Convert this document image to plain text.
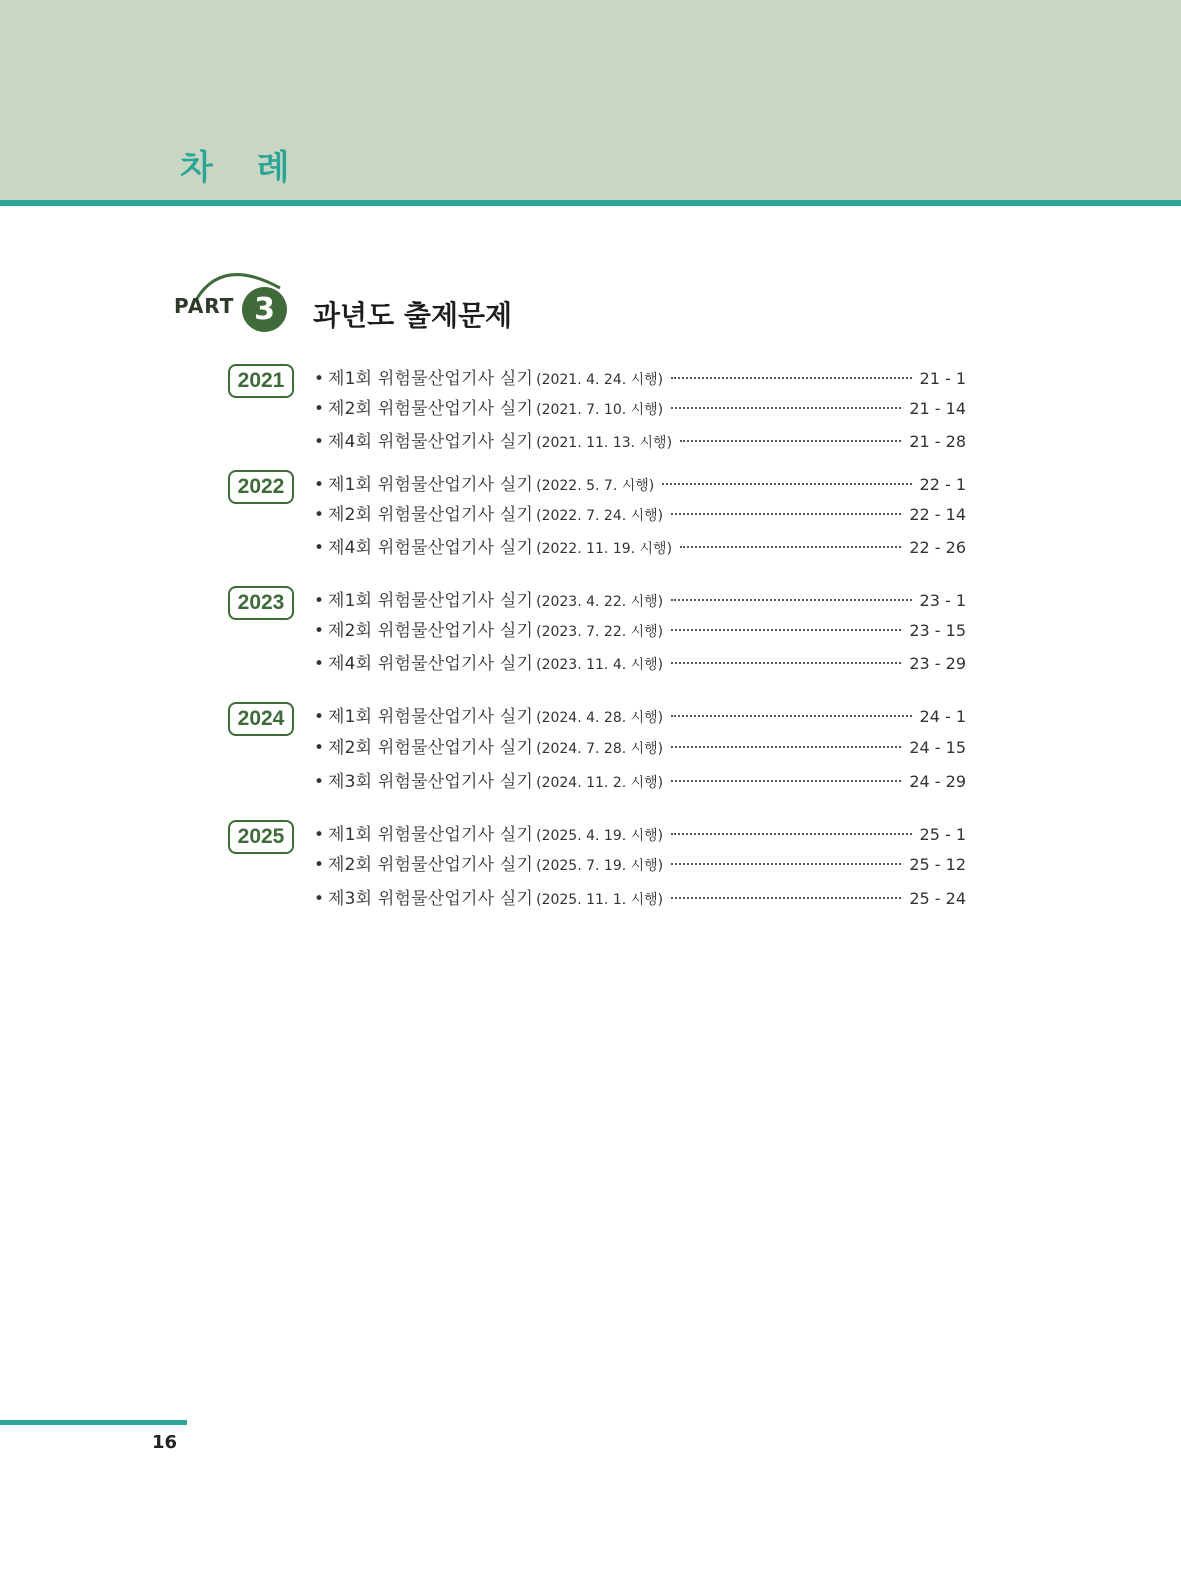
차 례
PART 3	과년도 출제문제
2021	• 제1회 위험물산업기사 실기 (2021. 4. 24. 시행)	21 - 1
• 제2회 위험물산업기사 실기 (2021. 7. 10. 시행)	21 - 14
• 제4회 위험물산업기사 실기 (2021. 11. 13. 시행)	21 - 28
2022	• 제1회 위험물산업기사 실기 (2022. 5. 7. 시행)	22 - 1
• 제2회 위험물산업기사 실기 (2022. 7. 24. 시행)	22 - 14
• 제4회 위험물산업기사 실기 (2022. 11. 19. 시행)	22 - 26
2023	• 제1회 위험물산업기사 실기 (2023. 4. 22. 시행)	23 - 1
• 제2회 위험물산업기사 실기 (2023. 7. 22. 시행)	23 - 15
• 제4회 위험물산업기사 실기 (2023. 11. 4. 시행)	23 - 29
2024	• 제1회 위험물산업기사 실기 (2024. 4. 28. 시행)	24 - 1
• 제2회 위험물산업기사 실기 (2024. 7. 28. 시행)	24 - 15
• 제3회 위험물산업기사 실기 (2024. 11. 2. 시행)	24 - 29
2025	• 제1회 위험물산업기사 실기 (2025. 4. 19. 시행)	25 - 1
• 제2회 위험물산업기사 실기 (2025. 7. 19. 시행)	25 - 12
• 제3회 위험물산업기사 실기 (2025. 11. 1. 시행)	25 - 24
16
